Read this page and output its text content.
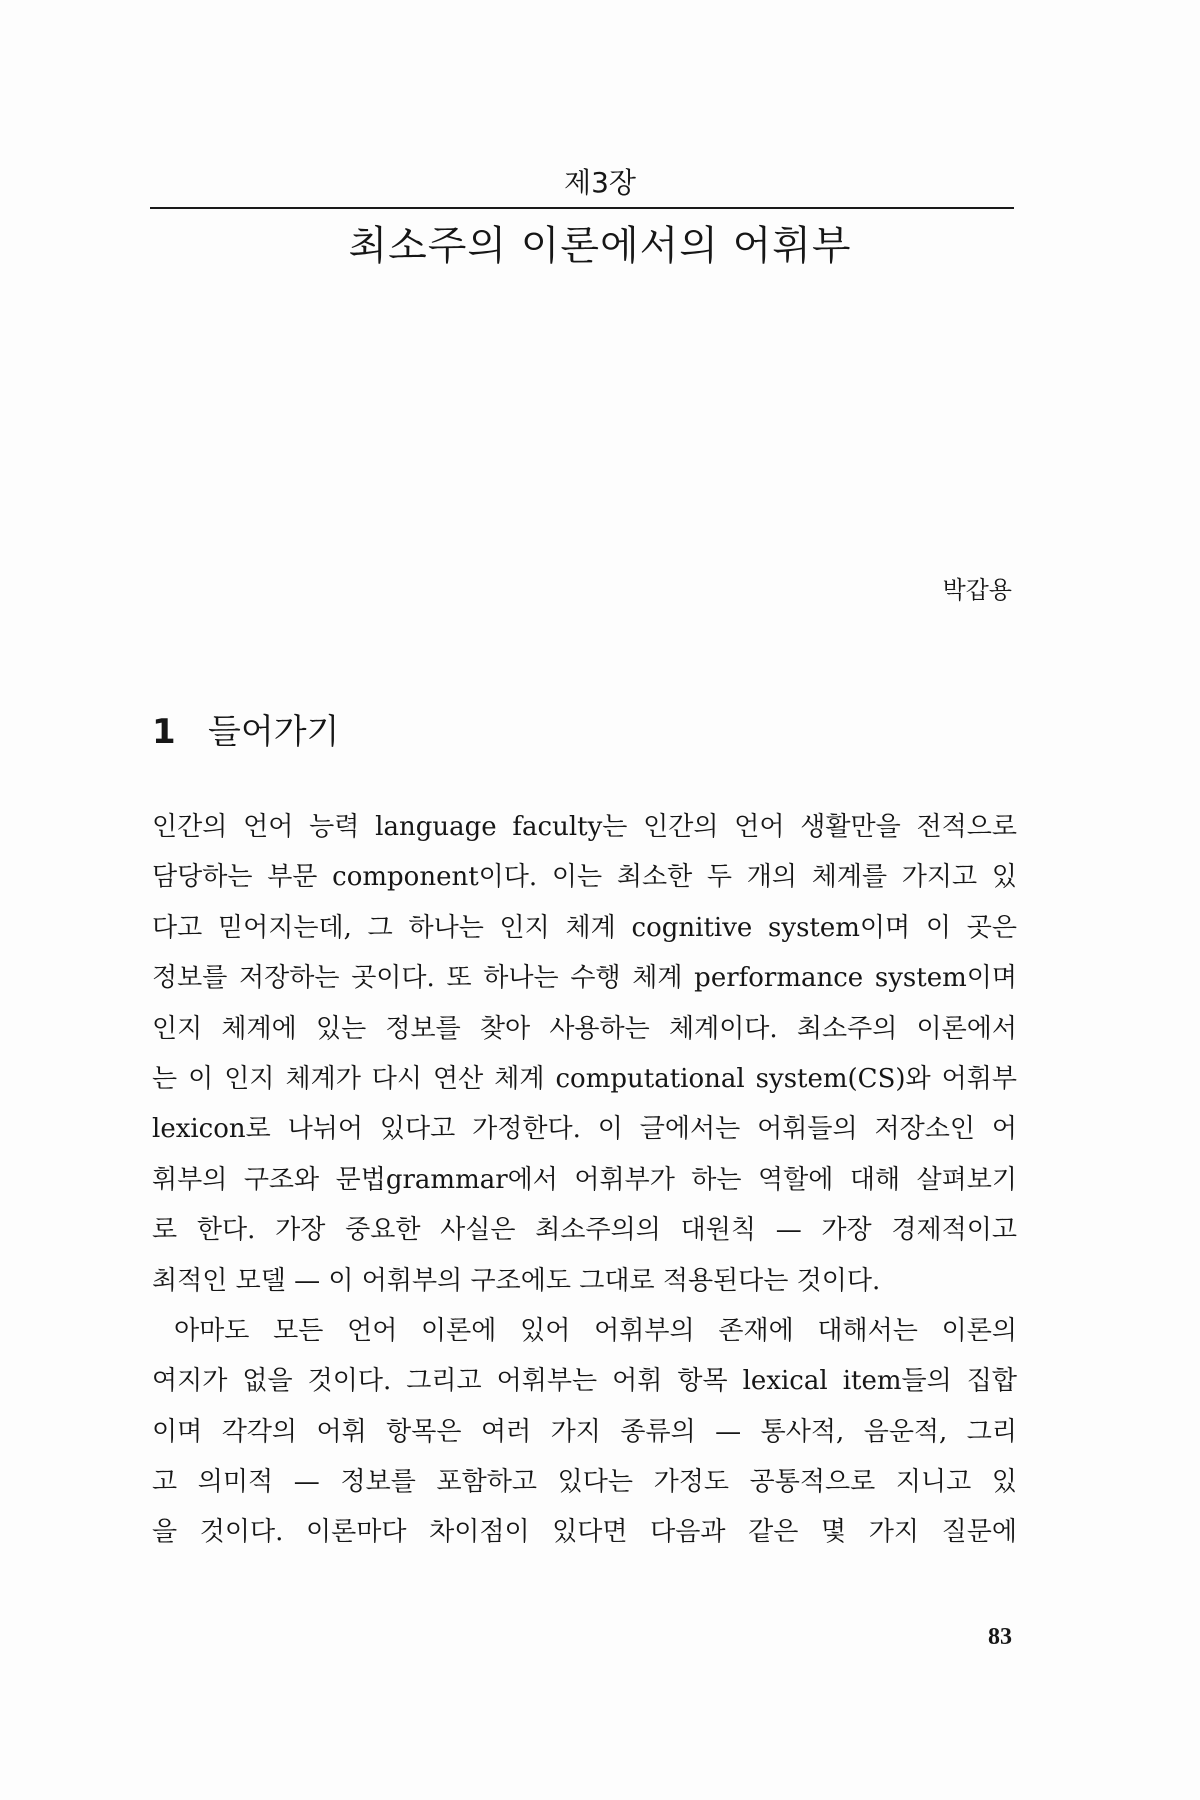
제3장
최소주의 이론에서의 어휘부
박갑용
1 들어가기

인간의 언어 능력 language faculty는 인간의 언어 생활만을 전적으로
담당하는 부문 component이다. 이는 최소한 두 개의 체계를 가지고 있
다고 믿어지는데, 그 하나는 인지 체계 cognitive system이며 이 곳은
정보를 저장하는 곳이다. 또 하나는 수행 체계 performance system이며
인지 체계에 있는 정보를 찾아 사용하는 체계이다. 최소주의 이론에서
는 이 인지 체계가 다시 연산 체계 computational system(CS)와 어휘부
lexicon로 나뉘어 있다고 가정한다. 이 글에서는 어휘들의 저장소인 어
휘부의 구조와 문법grammar에서 어휘부가 하는 역할에 대해 살펴보기
로 한다. 가장 중요한 사실은 최소주의의 대원칙 — 가장 경제적이고
최적인 모델 — 이 어휘부의 구조에도 그대로 적용된다는 것이다.

아마도 모든 언어 이론에 있어 어휘부의 존재에 대해서는 이론의
여지가 없을 것이다. 그리고 어휘부는 어휘 항목 lexical item들의 집합
이며 각각의 어휘 항목은 여러 가지 종류의 — 통사적, 음운적, 그리
고 의미적 — 정보를 포함하고 있다는 가정도 공통적으로 지니고 있
을 것이다. 이론마다 차이점이 있다면 다음과 같은 몇 가지 질문에

83
